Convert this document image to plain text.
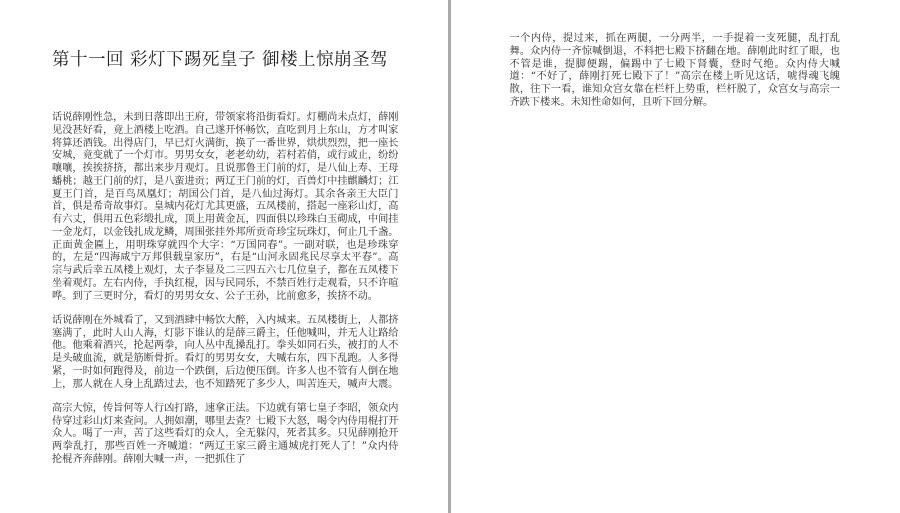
第十一回 彩灯下踢死皇子 御楼上惊崩圣驾

话说薛刚性急，未到日落即出王府，带领家将沿街看灯。灯棚尚未点灯，薛刚见没甚好看，竟上酒楼上吃酒。自己遂开怀畅饮，直吃到月上东山，方才叫家将算还酒钱。出得店门，早已灯火满街，换了一番世界，烘烘烈烈，把一座长安城，竟变就了一个灯市。男男女女，老老幼幼，若村若俏，或行或止，纷纷嚷嚷，挨挨挤挤，都出来步月观灯。且说那鲁王门前的灯，是八仙上寿、王母蟠桃；越王门前的灯，是八蛮进贡；两辽王门前的灯，百兽灯中挂麒麟灯；江夏王门首，是百鸟凤凰灯；胡国公门首，是八仙过海灯。其余各亲王大臣门首，俱是希奇故事灯。皇城内花灯尤其更盛，五凤楼前，搭起一座彩山灯，高有六丈，俱用五色彩缎扎成，顶上用黄金瓦，四面俱以珍珠白玉砌成，中间挂一金龙灯，以金钱扎成龙鳞，周围张挂外邦所贡奇珍宝玩珠灯，何止几千盏。正面黄金匾上，用明珠穿就四个大字：“万国同春”。一副对联，也是珍珠穿的，左是“四海咸宁万邦俱载皇家历”，右是“山河永固兆民尽享太平春”。高宗与武后幸五凤楼上观灯，太子李显及二三四五六七几位皇子，都在五凤楼下坐着观灯。左右内侍，手执红棍，因与民同乐，不禁百姓行走观看，只不许喧哗。到了三更时分，看灯的男男女女、公子王孙，比前愈多，挨挤不动。

话说薛刚在外城看了，又到酒肆中畅饮大醉，入内城来。五凤楼街上，人都挤塞满了，此时人山人海，灯影下谁认的是薛三爵主，任他喊叫，并无人让路给他。他乘着酒兴，抡起两拳，向人丛中乱搡乱打。拳头如同石头，被打的人不是头破血流，就是筋断骨折。看灯的男男女女，大喊右东，四下乱跑。人多得紧，一时如何跑得及，前边一个跌倒，后边便压倒。许多人也不管有人倒在地上，那人就在人身上乱踏过去，也不知踏死了多少人，叫苦连天，喊声大震。

高宗大惊，传旨何等人行凶打路，速拿正法。下边就有第七皇子李昭，领众内侍穿过彩山灯来查问。人拥如潮，哪里去查？七殿下大怒，喝令内侍用棍打开众人。喝了一声，苦了这些看灯的众人，全无躲闪，死者其多。只见薛刚抢开两拳乱打，那些百姓一齐喊道：“两辽王家三爵主通城虎打死人了！”众内侍抡棍齐奔薛刚。薛刚大喊一声，一把抓住了

一个内侍，提过来，抓在两腿，一分两半，一手提着一支死腿，乱打乱舞。众内侍一齐惊喊倒退，不料把七殿下挤翻在地。薛刚此时红了眼，也不管是谁，提脚便踢，偏踢中了七殿下肾囊，登时气绝。众内侍大喊道：“不好了，薛刚打死七殿下了！”高宗在楼上听见这话，唬得魂飞魄散，往下一看，谁知众宫女靠在栏杆上势重，栏杆脱了，众宫女与高宗一齐跌下楼来。未知性命如何，且听下回分解。
